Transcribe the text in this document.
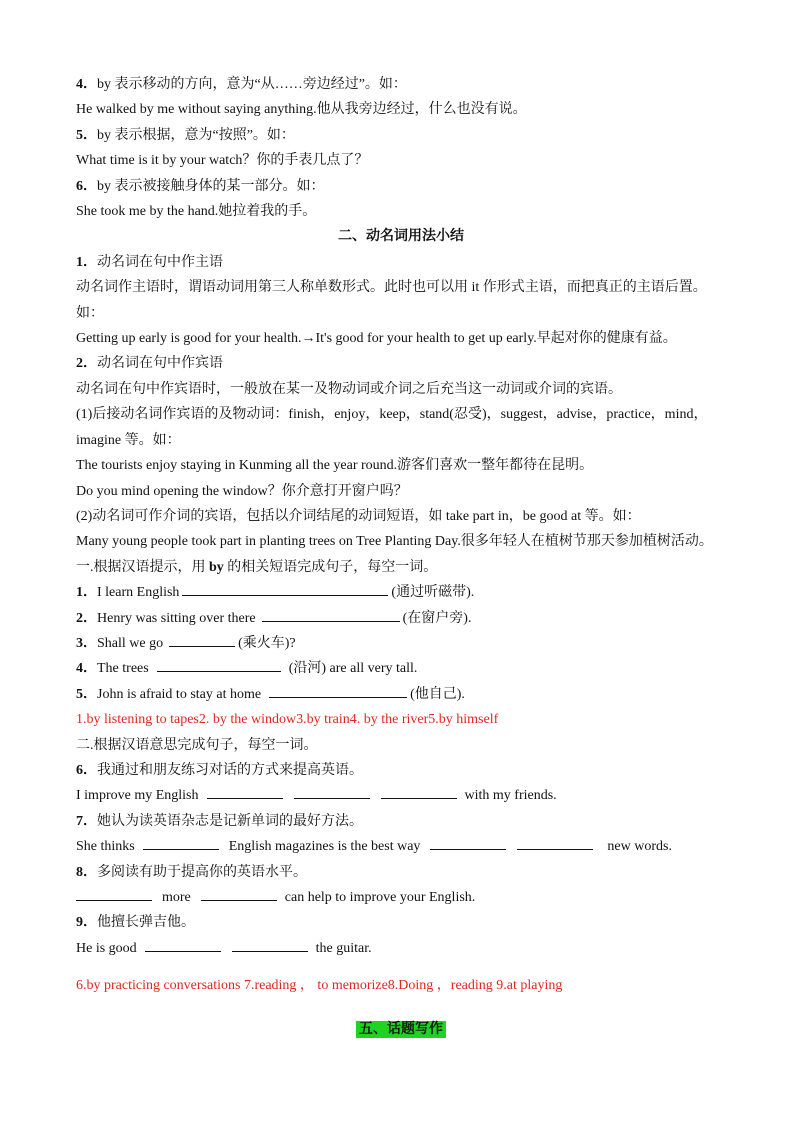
4．by 表示移动的方向，意为“从……旁边经过”。如：
He walked by me without saying anything.他从我旁边经过，什么也没有说。
5．by 表示根据，意为“按照”。如：
What time is it by your watch？你的手表几点了？
6．by 表示被接触身体的某一部分。如：
She took me by the hand.她拉着我的手。
二、动名词用法小结
1．动名词在句中作主语
动名词作主语时，谓语动词用第三人称单数形式。此时也可以用 it 作形式主语，而把真正的主语后置。
如：
Getting up early is good for your health.→It's good for your health to get up early.早起对你的健康有益。
2．动名词在句中作宾语
动名词在句中作宾语时，一般放在某一及物动词或介词之后充当这一动词或介词的宾语。
(1)后接动名词作宾语的及物动词：finish，enjoy，keep，stand(忍受)，suggest，advise，practice，mind，
imagine 等。如：
The tourists enjoy staying in Kunming all the year round.游客们喜欢一整年都待在昆明。
Do you mind opening the window？你介意打开窗户吗？
(2)动名词可作介词的宾语，包括以介词结尾的动词短语，如 take part in，be good at 等。如：
Many young people took part in planting trees on Tree Planting Day.很多年轻人在植树节那天参加植树活动。
一.根据汉语提示，用 by 的相关短语完成句子，每空一词。
1．I learn English	(通过听磁带).
2．Henry was sitting over there	(在窗户旁).
3．Shall we go	(乘火车)?
4．The trees	(沿河) are all very tall.
5．John is afraid to stay at home	(他自己).
1.by listening to tapes2. by the window3.by train4. by the river5.by himself
二.根据汉语意思完成句子，每空一词。
6．我通过和朋友练习对话的方式来提高英语。
I improve my English	with my friends.
7．她认为读英语杂志是记新单词的最好方法。
She thinks	English magazines is the best way	new words.
8．多阅读有助于提高你的英语水平。
more	can help to improve your English.
9．他擅长弹吉他。
He is good	the guitar.
6.by practicing conversations 7.reading ， to memorize8.Doing ，reading 9.at playing
五、话题写作
